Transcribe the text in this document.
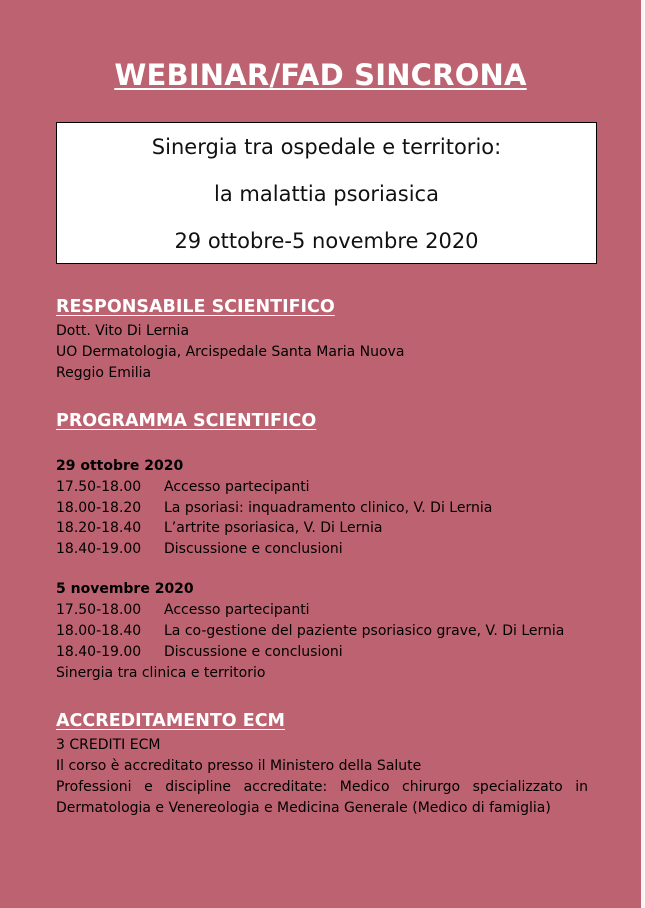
WEBINAR/FAD SINCRONA
Sinergia tra ospedale e territorio:
la malattia psoriasica
29 ottobre-5 novembre 2020
RESPONSABILE SCIENTIFICO
Dott. Vito Di Lernia
UO Dermatologia, Arcispedale Santa Maria Nuova
Reggio Emilia
PROGRAMMA SCIENTIFICO
29 ottobre 2020
17.50-18.00 Accesso partecipanti
18.00-18.20 La psoriasi: inquadramento clinico, V. Di Lernia
18.20-18.40 L’artrite psoriasica, V. Di Lernia
18.40-19.00 Discussione e conclusioni
5 novembre 2020
17.50-18.00 Accesso partecipanti
18.00-18.40 La co-gestione del paziente psoriasico grave, V. Di Lernia
18.40-19.00 Discussione e conclusioni
Sinergia tra clinica e territorio
ACCREDITAMENTO ECM
3 CREDITI ECM
Il corso è accreditato presso il Ministero della Salute
Professioni e discipline accreditate: Medico chirurgo specializzato in
Dermatologia e Venereologia e Medicina Generale (Medico di famiglia)
